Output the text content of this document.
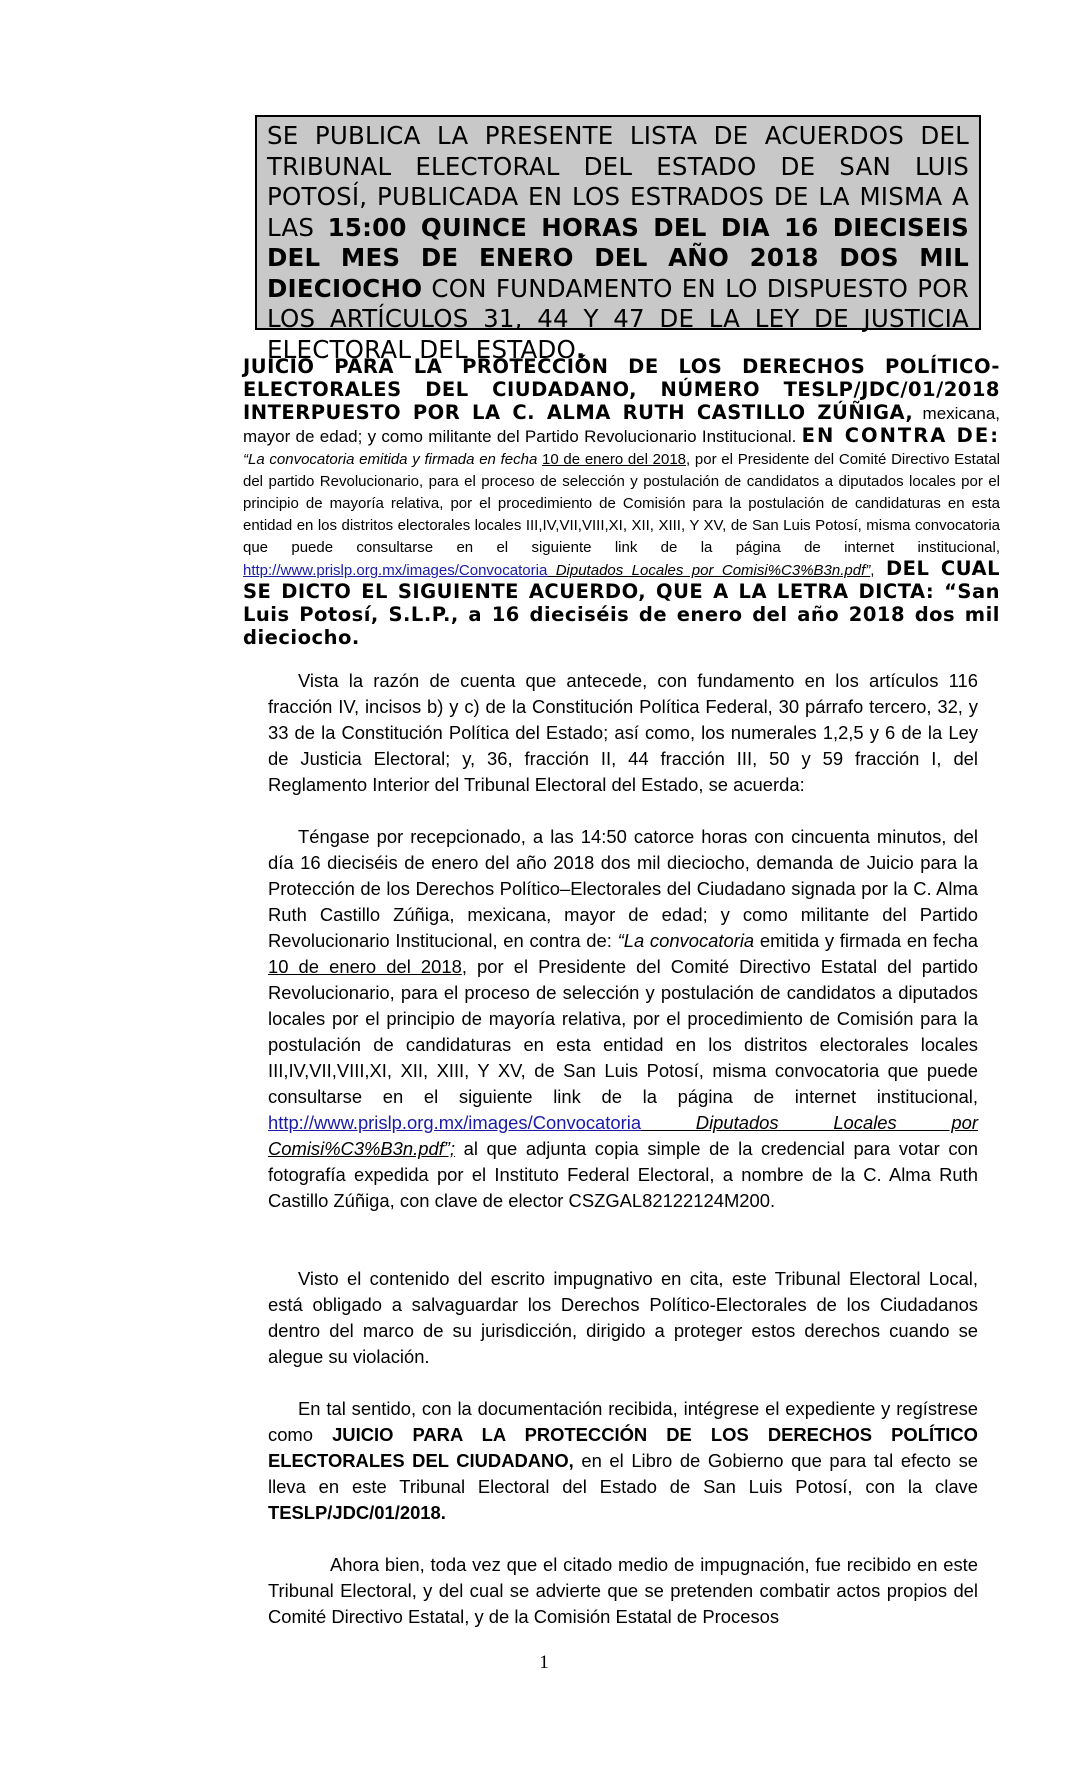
SE PUBLICA LA PRESENTE LISTA DE ACUERDOS DEL TRIBUNAL ELECTORAL DEL ESTADO DE SAN LUIS POTOSÍ, PUBLICADA EN LOS ESTRADOS DE LA MISMA A LAS 15:00 QUINCE HORAS DEL DIA 16 DIECISEIS DEL MES DE ENERO DEL AÑO 2018 DOS MIL DIECIOCHO CON FUNDAMENTO EN LO DISPUESTO POR LOS ARTÍCULOS 31, 44 Y 47 DE LA LEY DE JUSTICIA ELECTORAL DEL ESTADO.
JUICIO PARA LA PROTECCIÓN DE LOS DERECHOS POLÍTICO-ELECTORALES DEL CIUDADANO, NÚMERO TESLP/JDC/01/2018 INTERPUESTO POR LA C. ALMA RUTH CASTILLO ZÚÑIGA, mexicana, mayor de edad; y como militante del Partido Revolucionario Institucional. EN CONTRA DE: “La convocatoria emitida y firmada en fecha 10 de enero del 2018, por el Presidente del Comité Directivo Estatal del partido Revolucionario, para el proceso de selección y postulación de candidatos a diputados locales por el principio de mayoría relativa, por el procedimiento de Comisión para la postulación de candidaturas en esta entidad en los distritos electorales locales III,IV,VII,VIII,XI, XII, XIII, Y XV, de San Luis Potosí, misma convocatoria que puede consultarse en el siguiente link de la página de internet institucional, http://www.prislp.org.mx/images/Convocatoria Diputados Locales por Comisi%C3%B3n.pdf”, DEL CUAL SE DICTO EL SIGUIENTE ACUERDO, QUE A LA LETRA DICTA: “San Luis Potosí, S.L.P., a 16 dieciséis de enero del año 2018 dos mil dieciocho.

Vista la razón de cuenta que antecede, con fundamento en los artículos 116 fracción IV, incisos b) y c) de la Constitución Política Federal, 30 párrafo tercero, 32, y 33 de la Constitución Política del Estado; así como, los numerales 1,2,5 y 6 de la Ley de Justicia Electoral; y, 36, fracción II, 44 fracción III, 50 y 59 fracción I, del Reglamento Interior del Tribunal Electoral del Estado, se acuerda:

Téngase por recepcionado, a las 14:50 catorce horas con cincuenta minutos, del día 16 dieciséis de enero del año 2018 dos mil dieciocho, demanda de Juicio para la Protección de los Derechos Político–Electorales del Ciudadano signada por la C. Alma Ruth Castillo Zúñiga, mexicana, mayor de edad; y como militante del Partido Revolucionario Institucional, en contra de: “La convocatoria emitida y firmada en fecha 10 de enero del 2018, por el Presidente del Comité Directivo Estatal del partido Revolucionario, para el proceso de selección y postulación de candidatos a diputados locales por el principio de mayoría relativa, por el procedimiento de Comisión para la postulación de candidaturas en esta entidad en los distritos electorales locales III,IV,VII,VIII,XI, XII, XIII, Y XV, de San Luis Potosí, misma convocatoria que puede consultarse en el siguiente link de la página de internet institucional, http://www.prislp.org.mx/images/Convocatoria Diputados Locales por Comisi%C3%B3n.pdf”; al que adjunta copia simple de la credencial para votar con fotografía expedida por el Instituto Federal Electoral, a nombre de la C. Alma Ruth Castillo Zúñiga, con clave de elector CSZGAL82122124M200.

Visto el contenido del escrito impugnativo en cita, este Tribunal Electoral Local, está obligado a salvaguardar los Derechos Político-Electorales de los Ciudadanos dentro del marco de su jurisdicción, dirigido a proteger estos derechos cuando se alegue su violación.

En tal sentido, con la documentación recibida, intégrese el expediente y regístrese como JUICIO PARA LA PROTECCIÓN DE LOS DERECHOS POLÍTICO ELECTORALES DEL CIUDADANO, en el Libro de Gobierno que para tal efecto se lleva en este Tribunal Electoral del Estado de San Luis Potosí, con la clave TESLP/JDC/01/2018.

Ahora bien, toda vez que el citado medio de impugnación, fue recibido en este Tribunal Electoral, y del cual se advierte que se pretenden combatir actos propios del Comité Directivo Estatal, y de la Comisión Estatal de Procesos

1
